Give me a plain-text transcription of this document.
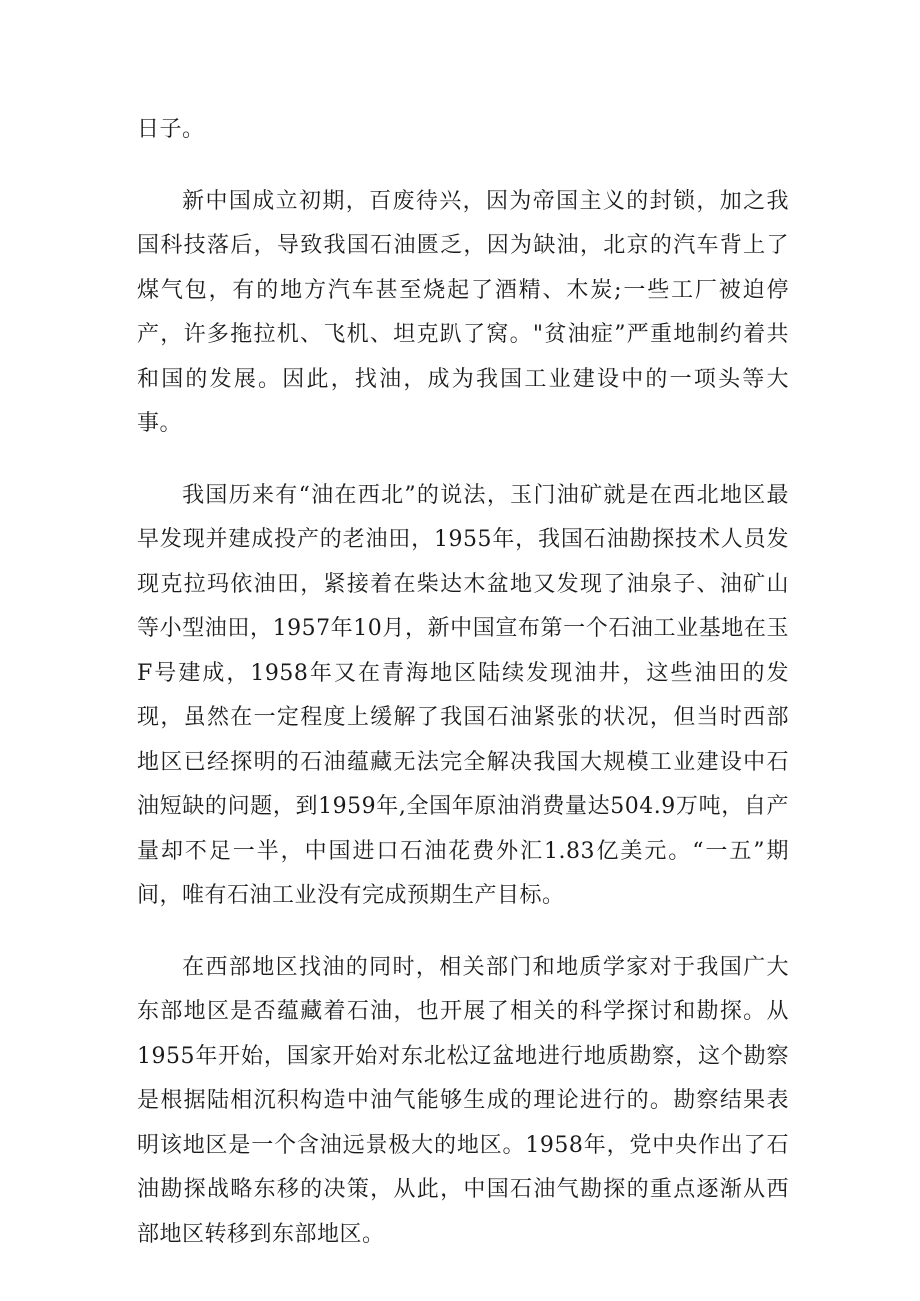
日子。

新中国成立初期，百废待兴，因为帝国主义的封锁，加之我国科技落后，导致我国石油匮乏，因为缺油，北京的汽车背上了煤气包，有的地方汽车甚至烧起了酒精、木炭;一些工厂被迫停产，许多拖拉机、飞机、坦克趴了窝。"贫油症”严重地制约着共和国的发展。因此，找油，成为我国工业建设中的一项头等大事。

我国历来有“油在西北”的说法，玉门油矿就是在西北地区最早发现并建成投产的老油田，1955年，我国石油勘探技术人员发现克拉玛依油田，紧接着在柴达木盆地又发现了油泉子、油矿山等小型油田，1957年10月，新中国宣布第一个石油工业基地在玉F号建成，1958年又在青海地区陆续发现油井，这些油田的发现，虽然在一定程度上缓解了我国石油紧张的状况，但当时西部地区已经探明的石油蕴藏无法完全解决我国大规模工业建设中石油短缺的问题，到1959年,全国年原油消费量达504.9万吨，自产量却不足一半，中国进口石油花费外汇1.83亿美元。“一五”期间，唯有石油工业没有完成预期生产目标。

在西部地区找油的同时，相关部门和地质学家对于我国广大东部地区是否蕴藏着石油，也开展了相关的科学探讨和勘探。从1955年开始，国家开始对东北松辽盆地进行地质勘察，这个勘察是根据陆相沉积构造中油气能够生成的理论进行的。勘察结果表明该地区是一个含油远景极大的地区。1958年，党中央作出了石油勘探战略东移的决策，从此，中国石油气勘探的重点逐渐从西部地区转移到东部地区。
